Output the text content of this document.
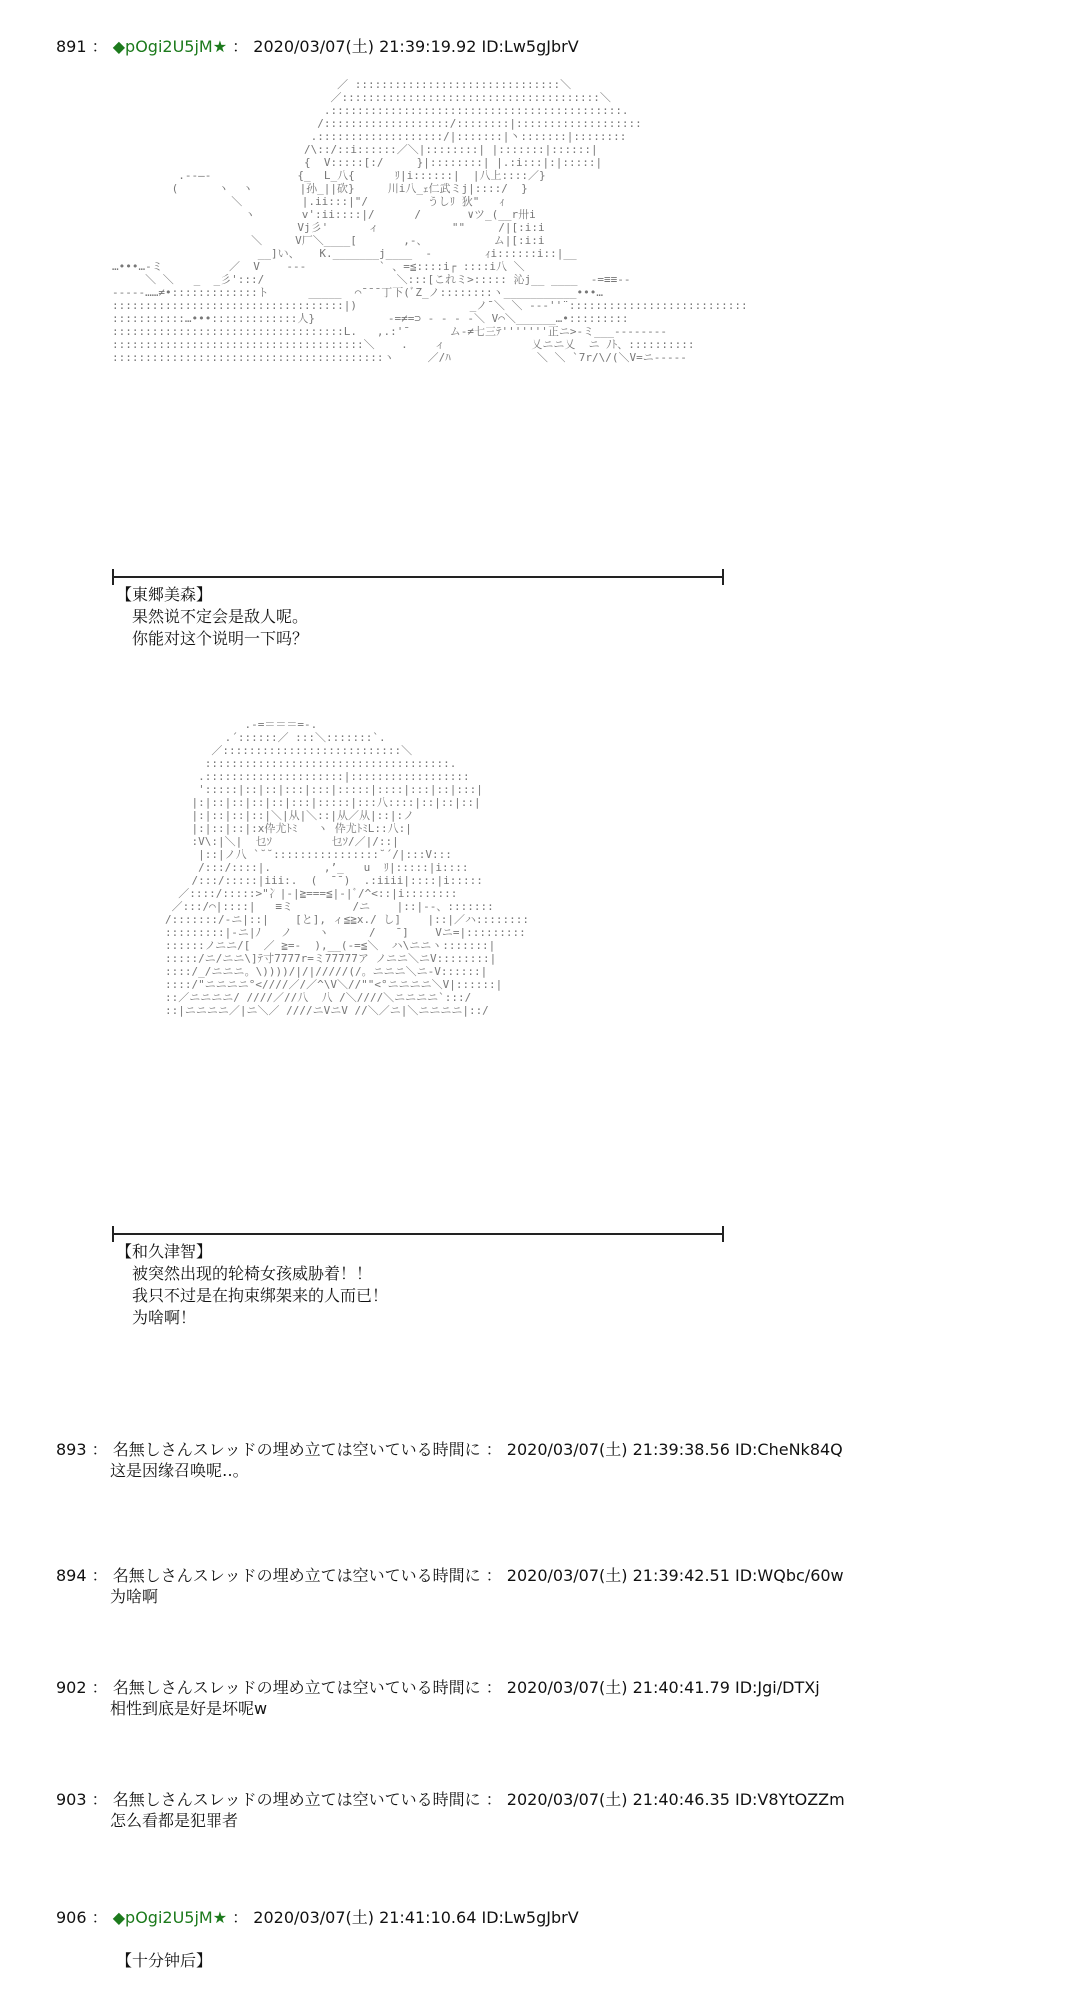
891 ： ◆pOgi2U5jM★ ： 2020/03/07(土) 21:39:19.92 ID:Lw5gJbrV
／ :::::::::::::::::::::::::::::::＼
／:::::::::::::::::::::::::::::::::::::::＼
.::::::::::::::::::::::::::::::::::::::::::::.
/:::::::::::::::::::/::::::::|:::::::::::::::::::
.:::::::::::::::::::/|:::::::|丶:::::::|::::::::
/\::/::i::::::／＼|::::::::| |:::::::|::::::|
{  V:::::[:/     }|::::::::| |.:i:::|:|:::::|
.--―‐             {_  L_八{      ﾘ|i::::::|  |八上::::／}
(      ヽ  ヽ       |孙_||砍}     川i八_ｪ仁武ミj|::::/  }
＼         |.ii:::|"/         うしﾘ 狄"   ｨ
ヽ       v':ii::::|/      /       ∨ツ_(__r卅i
Vj彡'      ィ           ""     /|[:i:i
＼     V厂＼____[       ,-、          ム|[:i:i
__]い、   K._______j____  ‐        ｨi::::::i::|__
…•••…‐ミ          ／  V    ---           ` 、=≦::::i┌ ::::i八 ＼
＼ ＼   _  _彡':::/                    ＼:::[これミ>::::: 沁j__ ____  -=≡≡-‐
‐----……≠•:::::::::::::ト      _____  ⌒¯¯¯丁下(ﾞZ_ノ::::::::ヽ___________•••…
:::::::::::::::::::::::::::::::::::|)                 _ノ¯＼ ＼ ‐‐‐''¨:::::::::::::::::::::::::::
:::::::::::…•••:::::::::::::人}           -=≠=⊃ - - - -＼ V⌒＼______…•:::::::::
:::::::::::::::::::::::::::::::::::L.   ,.:'¯      ム-≠七三ﾃ'''''''正ニ>-ミ___--------
::::::::::::::::::::::::::::::::::::::＼    .    ィ             乂ニニ乂  ニ ﾉﾄ、::::::::::
:::::::::::::::::::::::::::::::::::::::::ヽ     ／/ﾊ             ＼ ＼ `7r/\/(＼V=ニ-‐‐‐‐
【東郷美森】
果然说不定会是敌人呢。
你能对这个说明一下吗？
.-=＝＝＝=-.
.´::::::／ :::＼:::::::`.
／:::::::::::::::::::::::::::＼
:::::::::::::::::::::::::::::::::::::.
.:::::::::::::::::::::|::::::::::::::::::
':::::|::|::|:::|:::|:::::|::::|:::|::|:::|
|:|::|::|::|::|:::|:::::|:::八::::|::|::|::|
|:|::|::|::|＼|从|＼::|从／从|::|:ノ
|:|::|::|:x伜尤ﾄﾐ   ヽ 伜尤ﾄﾐL::八:|
:V\:|＼|  乜ｿ         乜ｿ/／|/::|
|::|ノ八 `˘˘::::::::::::::::˘´/|:::V:::
/:::/::::|.        ,’_   u  ﾘ|:::::|i::::
/:::/:::::|iii:.  (  ¯¯)  .:iiii|::::|i:::::
／::::/:::::>"冫|-|≧===≦|-|ﾞ/^<::|i::::::::
／:::/⌒|::::|   ≡ミ         /ニ    |::|--、:::::::
/:::::::/-ニ|::|    [と], ィ≦≧x./ し]    |::|／ハ::::::::
:::::::::|-ニ|ﾉ   ノ    ヽ      /   ¯]    Vニ=|:::::::::
::::::ノニニ/[  ／ ≧=-  ),__(-=≦＼  ハ\ニニヽ:::::::|
:::::/ニ/ニニ\]ﾃ寸7777r=ミ77777ア ノニニ＼ニV::::::::|
::::/_/ニニニ。\))))/|/|/////(/。ニニニ＼ニ-V::::::|
::::/"ニニニニ°<////／/／^\V＼//""<°ニニニニ＼V|::::::|
::／ニニニニ/ ////／//八  八 /＼////＼ニニニニ`:::/
::|ニニニニ／|ニ＼／ ////ニVニV //＼／ニ|＼ニニニニ|::/
【和久津智】
被突然出现的轮椅女孩威胁着！！
我只不过是在拘束绑架来的人而已！
为啥啊！
893 ： 名無しさんスレッドの埋め立ては空いている時間に ： 2020/03/07(土) 21:39:38.56 ID:CheNk84Q
这是因缘召唤呢‥。
894 ： 名無しさんスレッドの埋め立ては空いている時間に ： 2020/03/07(土) 21:39:42.51 ID:WQbc/60w
为啥啊
902 ： 名無しさんスレッドの埋め立ては空いている時間に ： 2020/03/07(土) 21:40:41.79 ID:Jgi/DTXj
相性到底是好是坏呢w
903 ： 名無しさんスレッドの埋め立ては空いている時間に ： 2020/03/07(土) 21:40:46.35 ID:V8YtOZZm
怎么看都是犯罪者
906 ： ◆pOgi2U5jM★ ： 2020/03/07(土) 21:41:10.64 ID:Lw5gJbrV
【十分钟后】
